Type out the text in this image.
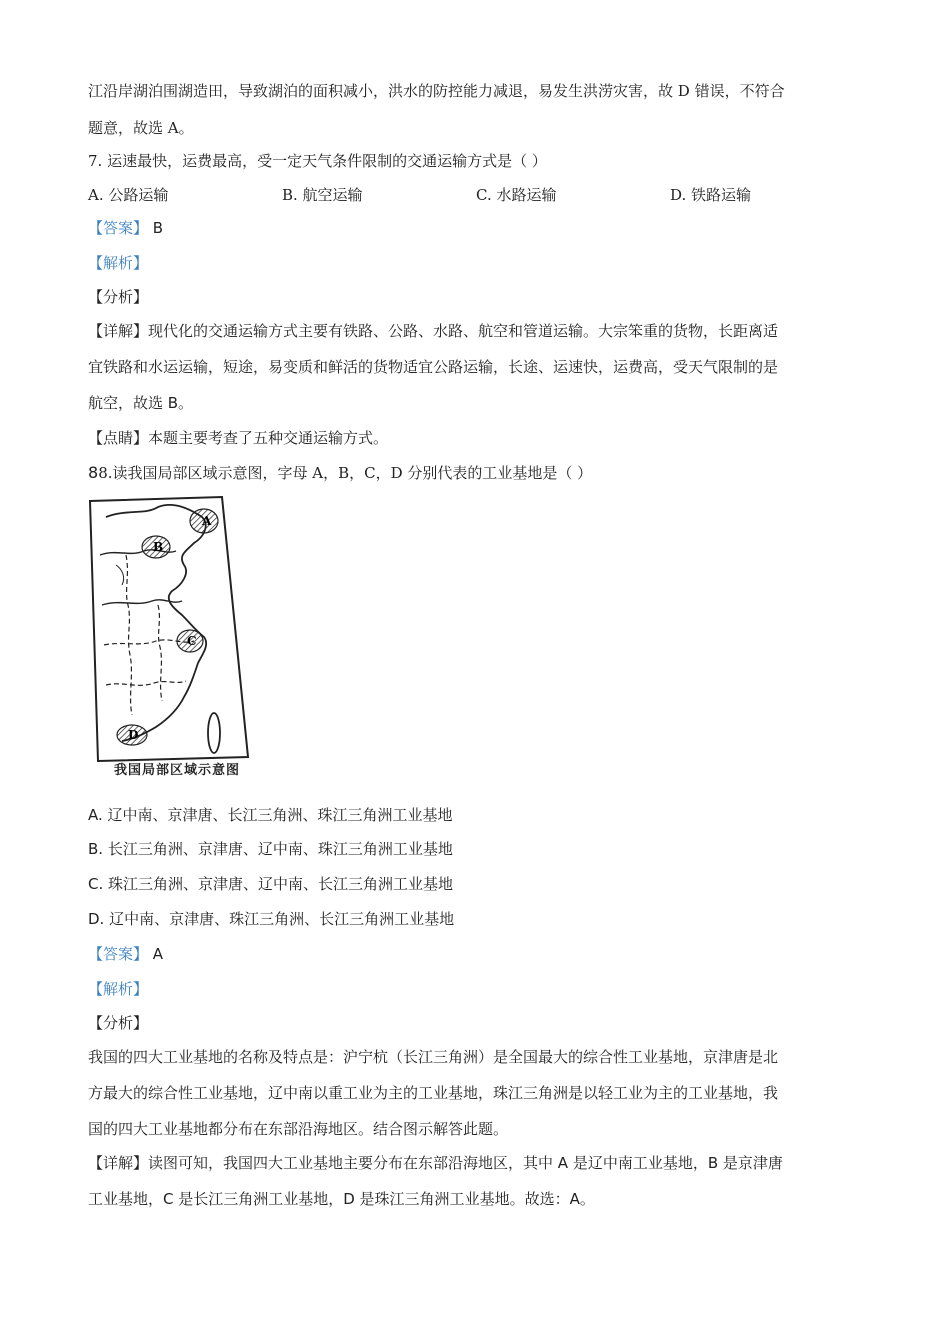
江沿岸湖泊围湖造田，导致湖泊的面积减小，洪水的防控能力减退，易发生洪涝灾害，故 D 错误，不符合
题意，故选 A。
7. 运速最快，运费最高，受一定天气条件限制的交通运输方式是（ ）
A. 公路运输	B. 航空运输	C. 水路运输	D. 铁路运输
【答案】 B
【解析】
【分析】
【详解】现代化的交通运输方式主要有铁路、公路、水路、航空和管道运输。大宗笨重的货物，长距离适
宜铁路和水运运输，短途，易变质和鲜活的货物适宜公路运输，长途、运速快，运费高，受天气限制的是
航空，故选 B。
【点睛】本题主要考查了五种交通运输方式。
88.读我国局部区域示意图，字母 A，B，C，D 分别代表的工业基地是（ ）
A
B
C
D
我国局部区域示意图
A. 辽中南、京津唐、长江三角洲、珠江三角洲工业基地
B. 长江三角洲、京津唐、辽中南、珠江三角洲工业基地
C. 珠江三角洲、京津唐、辽中南、长江三角洲工业基地
D. 辽中南、京津唐、珠江三角洲、长江三角洲工业基地
【答案】 A
【解析】
【分析】
我国的四大工业基地的名称及特点是：沪宁杭（长江三角洲）是全国最大的综合性工业基地，京津唐是北
方最大的综合性工业基地，辽中南以重工业为主的工业基地，珠江三角洲是以轻工业为主的工业基地，我
国的四大工业基地都分布在东部沿海地区。结合图示解答此题。
【详解】读图可知，我国四大工业基地主要分布在东部沿海地区，其中 A 是辽中南工业基地，B 是京津唐
工业基地，C 是长江三角洲工业基地，D 是珠江三角洲工业基地。故选：A。
